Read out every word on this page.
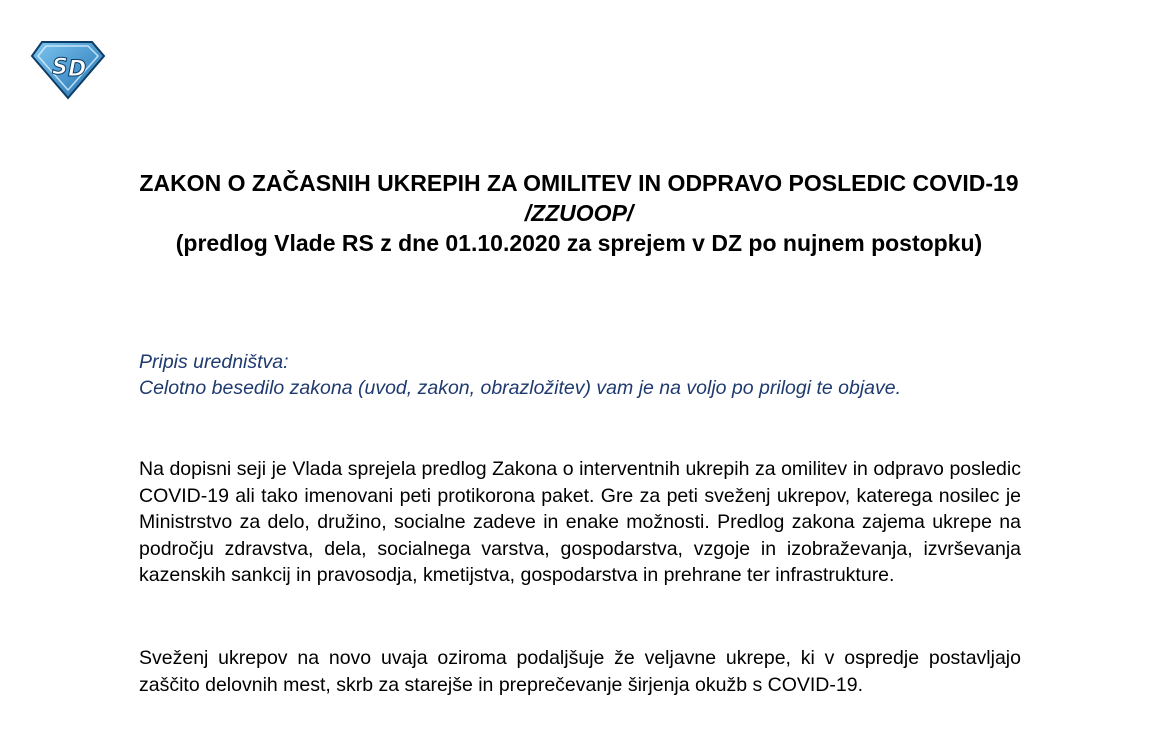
S D
ZAKON O ZAČASNIH UKREPIH ZA OMILITEV IN ODPRAVO POSLEDIC COVID-19
/ZZUOOP/
(predlog Vlade RS z dne 01.10.2020 za sprejem v DZ po nujnem postopku)
Pripis uredništva:
Celotno besedilo zakona (uvod, zakon, obrazložitev) vam je na voljo po prilogi te objave.
Na dopisni seji je Vlada sprejela predlog Zakona o interventnih ukrepih za omilitev in odpravo posledic COVID-19 ali tako imenovani peti protikorona paket. Gre za peti sveženj ukrepov, katerega nosilec je Ministrstvo za delo, družino, socialne zadeve in enake možnosti. Predlog zakona zajema ukrepe na področju zdravstva, dela, socialnega varstva, gospodarstva, vzgoje in izobraževanja, izvrševanja kazenskih sankcij in pravosodja, kmetijstva, gospodarstva in prehrane ter infrastrukture.
Sveženj ukrepov na novo uvaja oziroma podaljšuje že veljavne ukrepe, ki v ospredje postavljajo zaščito delovnih mest, skrb za starejše in preprečevanje širjenja okužb s COVID-19.
